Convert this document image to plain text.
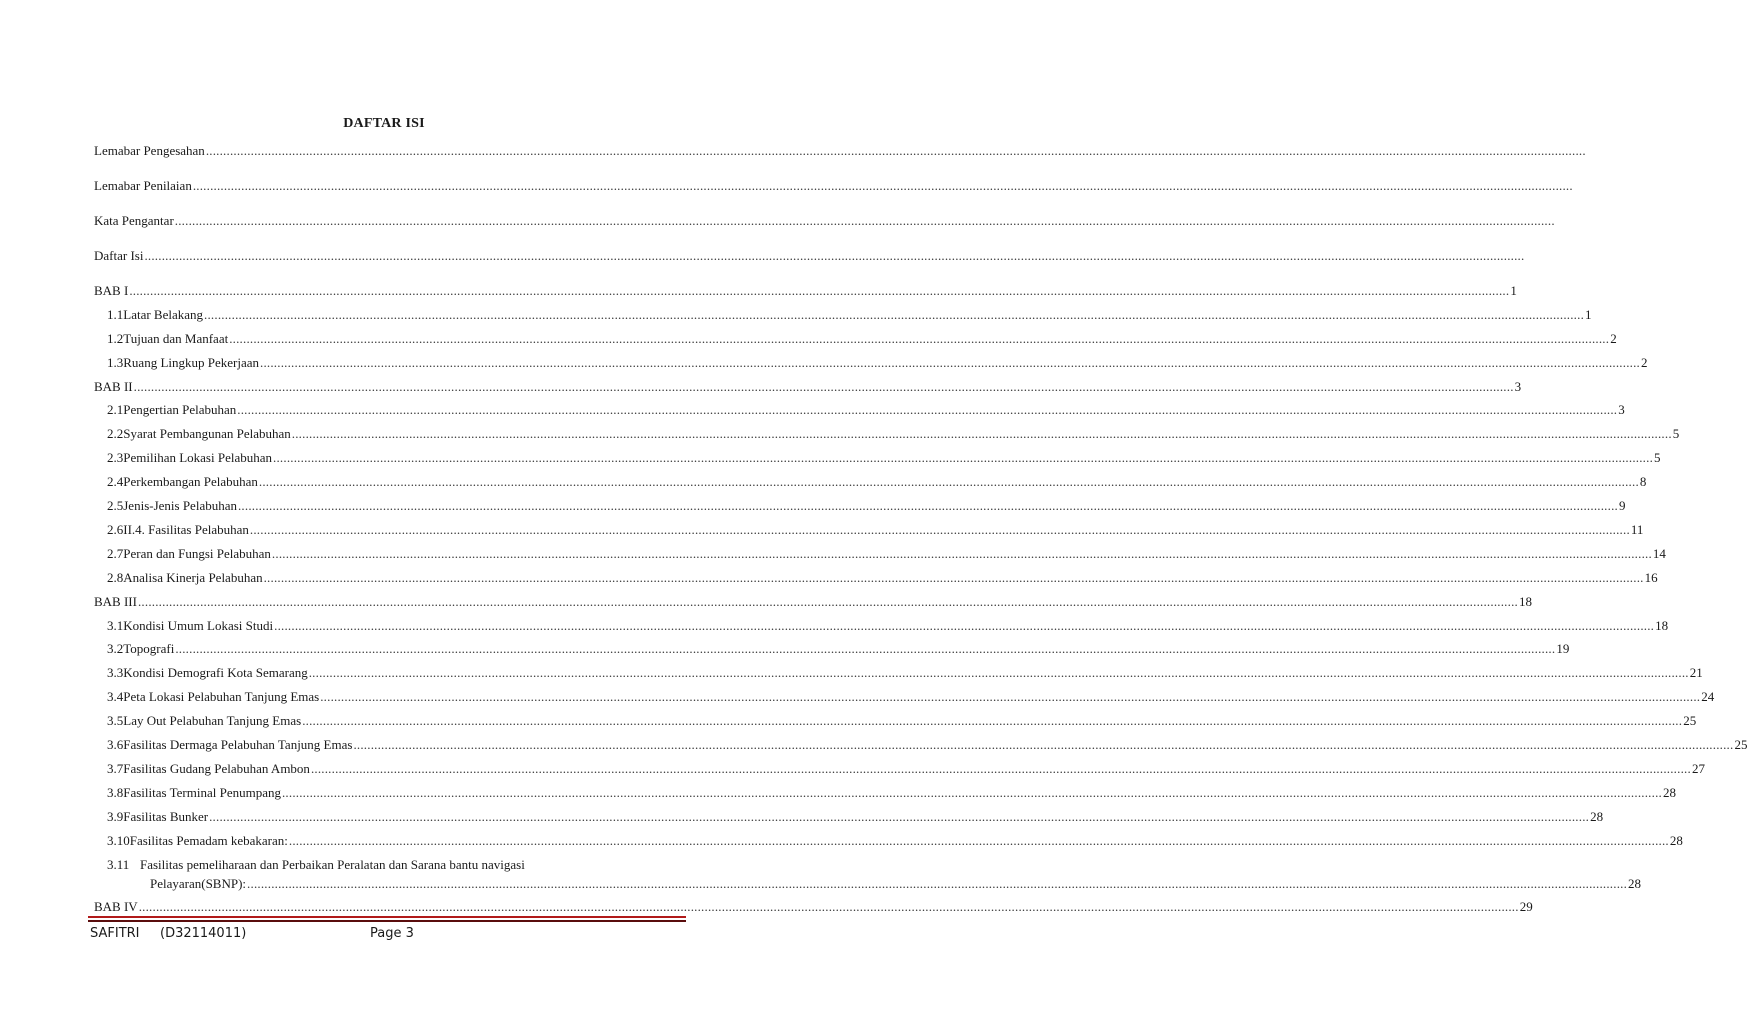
DAFTAR ISI
Lemabar Pengesahan ................................................................................................................................................................................................................................................................................................................................................................................................................
Lemabar Penilaian ................................................................................................................................................................................................................................................................................................................................................................................................................
Kata Pengantar ................................................................................................................................................................................................................................................................................................................................................................................................................
Daftar Isi ................................................................................................................................................................................................................................................................................................................................................................................................................
BAB I ................................................................................................................................................................................................................................................................................................................................................................................................................ 1
1.1 Latar Belakang ................................................................................................................................................................................................................................................................................................................................................................................................................ 1
1.2 Tujuan dan Manfaat ................................................................................................................................................................................................................................................................................................................................................................................................................ 2
1.3 Ruang Lingkup Pekerjaan ................................................................................................................................................................................................................................................................................................................................................................................................................ 2
BAB II ................................................................................................................................................................................................................................................................................................................................................................................................................ 3
2.1 Pengertian Pelabuhan ................................................................................................................................................................................................................................................................................................................................................................................................................ 3
2.2 Syarat Pembangunan Pelabuhan ................................................................................................................................................................................................................................................................................................................................................................................................................ 5
2.3 Pemilihan Lokasi Pelabuhan ................................................................................................................................................................................................................................................................................................................................................................................................................ 5
2.4 Perkembangan Pelabuhan ................................................................................................................................................................................................................................................................................................................................................................................................................ 8
2.5 Jenis-Jenis Pelabuhan ................................................................................................................................................................................................................................................................................................................................................................................................................ 9
2.6 II.4. Fasilitas Pelabuhan ................................................................................................................................................................................................................................................................................................................................................................................................................ 11
2.7 Peran dan Fungsi Pelabuhan ................................................................................................................................................................................................................................................................................................................................................................................................................ 14
2.8 Analisa Kinerja Pelabuhan ................................................................................................................................................................................................................................................................................................................................................................................................................ 16
BAB III ................................................................................................................................................................................................................................................................................................................................................................................................................ 18
3.1 Kondisi Umum Lokasi Studi ................................................................................................................................................................................................................................................................................................................................................................................................................ 18
3.2 Topografi ................................................................................................................................................................................................................................................................................................................................................................................................................ 19
3.3 Kondisi Demografi Kota Semarang ................................................................................................................................................................................................................................................................................................................................................................................................................ 21
3.4 Peta Lokasi Pelabuhan Tanjung Emas ................................................................................................................................................................................................................................................................................................................................................................................................................ 24
3.5 Lay Out Pelabuhan Tanjung Emas ................................................................................................................................................................................................................................................................................................................................................................................................................ 25
3.6 Fasilitas Dermaga Pelabuhan Tanjung Emas ................................................................................................................................................................................................................................................................................................................................................................................................................ 25
3.7 Fasilitas Gudang Pelabuhan Ambon ................................................................................................................................................................................................................................................................................................................................................................................................................ 27
3.8 Fasilitas Terminal Penumpang ................................................................................................................................................................................................................................................................................................................................................................................................................ 28
3.9 Fasilitas Bunker ................................................................................................................................................................................................................................................................................................................................................................................................................ 28
3.10 Fasilitas Pemadam kebakaran: ................................................................................................................................................................................................................................................................................................................................................................................................................ 28
3.11 Fasilitas pemeliharaan dan Perbaikan Peralatan dan Sarana bantu navigasi
Pelayaran(SBNP): ................................................................................................................................................................................................................................................................................................................................................................................................................ 28
BAB IV ................................................................................................................................................................................................................................................................................................................................................................................................................ 29
SAFITRI (D32114011)	Page 3
